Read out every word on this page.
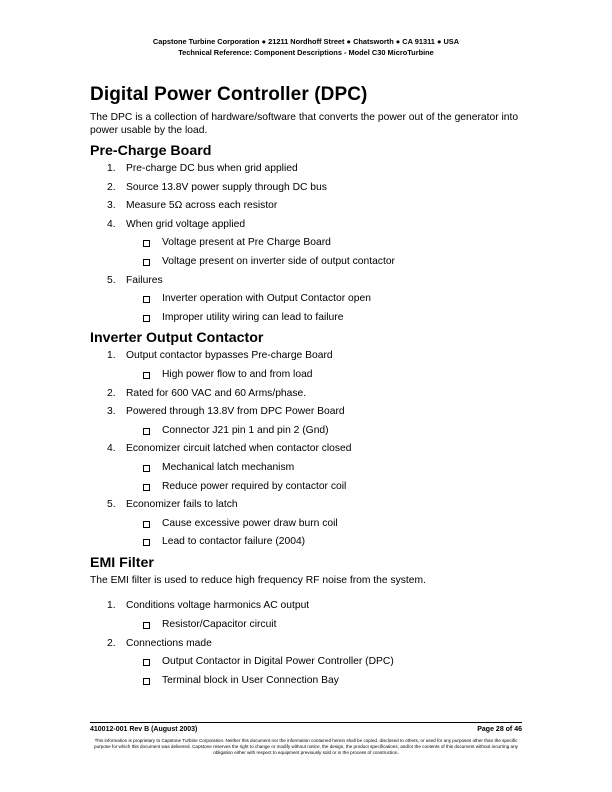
Capstone Turbine Corporation ● 21211 Nordhoff Street ● Chatsworth ● CA 91311 ● USA
Technical Reference: Component Descriptions - Model C30 MicroTurbine
Digital Power Controller (DPC)

The DPC is a collection of hardware/software that converts the power out of the generator into power usable by the load.

Pre-Charge Board
1. Pre-charge DC bus when grid applied
2. Source 13.8V power supply through DC bus
3. Measure 5Ω across each resistor
4. When grid voltage applied
Voltage present at Pre Charge Board
Voltage present on inverter side of output contactor
5. Failures
Inverter operation with Output Contactor open
Improper utility wiring can lead to failure
Inverter Output Contactor
1. Output contactor bypasses Pre-charge Board
High power flow to and from load
2. Rated for 600 VAC and 60 Arms/phase.
3. Powered through 13.8V from DPC Power Board
Connector J21 pin 1 and pin 2 (Gnd)
4. Economizer circuit latched when contactor closed
Mechanical latch mechanism
Reduce power required by contactor coil
5. Economizer fails to latch
Cause excessive power draw burn coil
Lead to contactor failure (2004)
EMI Filter

The EMI filter is used to reduce high frequency RF noise from the system.

1. Conditions voltage harmonics AC output
Resistor/Capacitor circuit
2. Connections made
Output Contactor in Digital Power Controller (DPC)
Terminal block in User Connection Bay
410012-001 Rev B (August 2003)	Page 28 of 46
This information is proprietary to Capstone Turbine Corporation. Neither this document nor the information contained herein shall be copied, disclosed to others, or used for any purposes other than the specific purpose for which this document was delivered. Capstone reserves the right to change or modify without notice, the design, the product specifications, and/or the contents of this document without incurring any obligation either with respect to equipment previously sold or in the process of construction.
